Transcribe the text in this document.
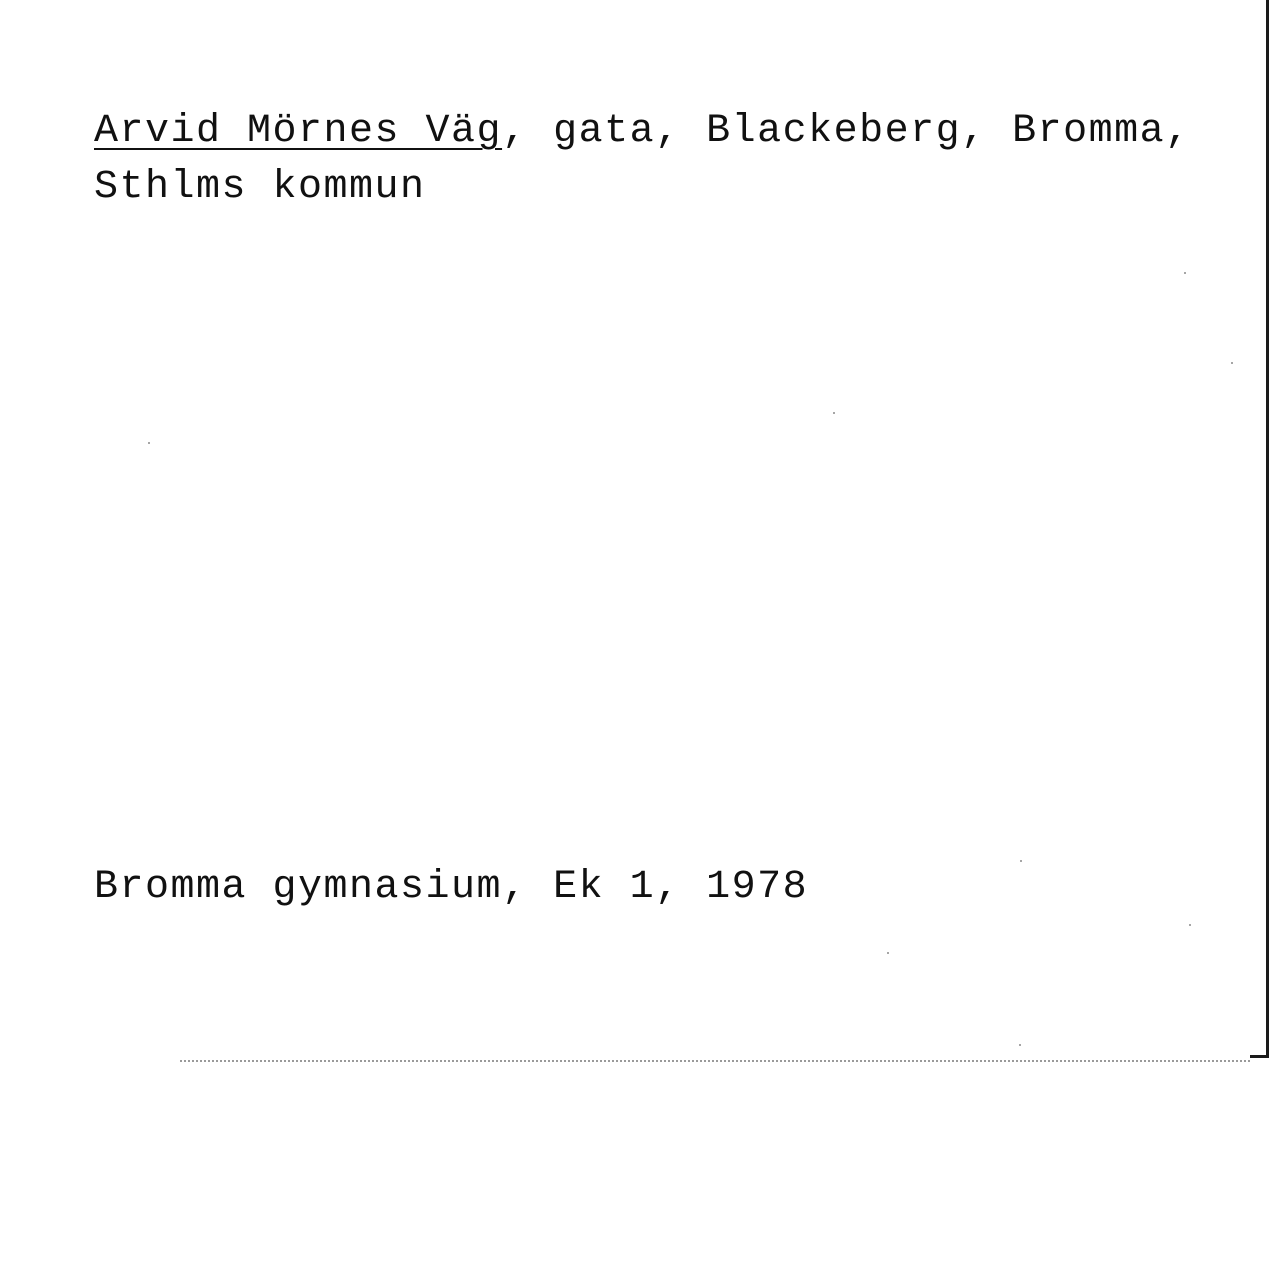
Arvid Mörnes Väg, gata, Blackeberg, Bromma,
Sthlms kommun
Bromma gymnasium, Ek 1, 1978
